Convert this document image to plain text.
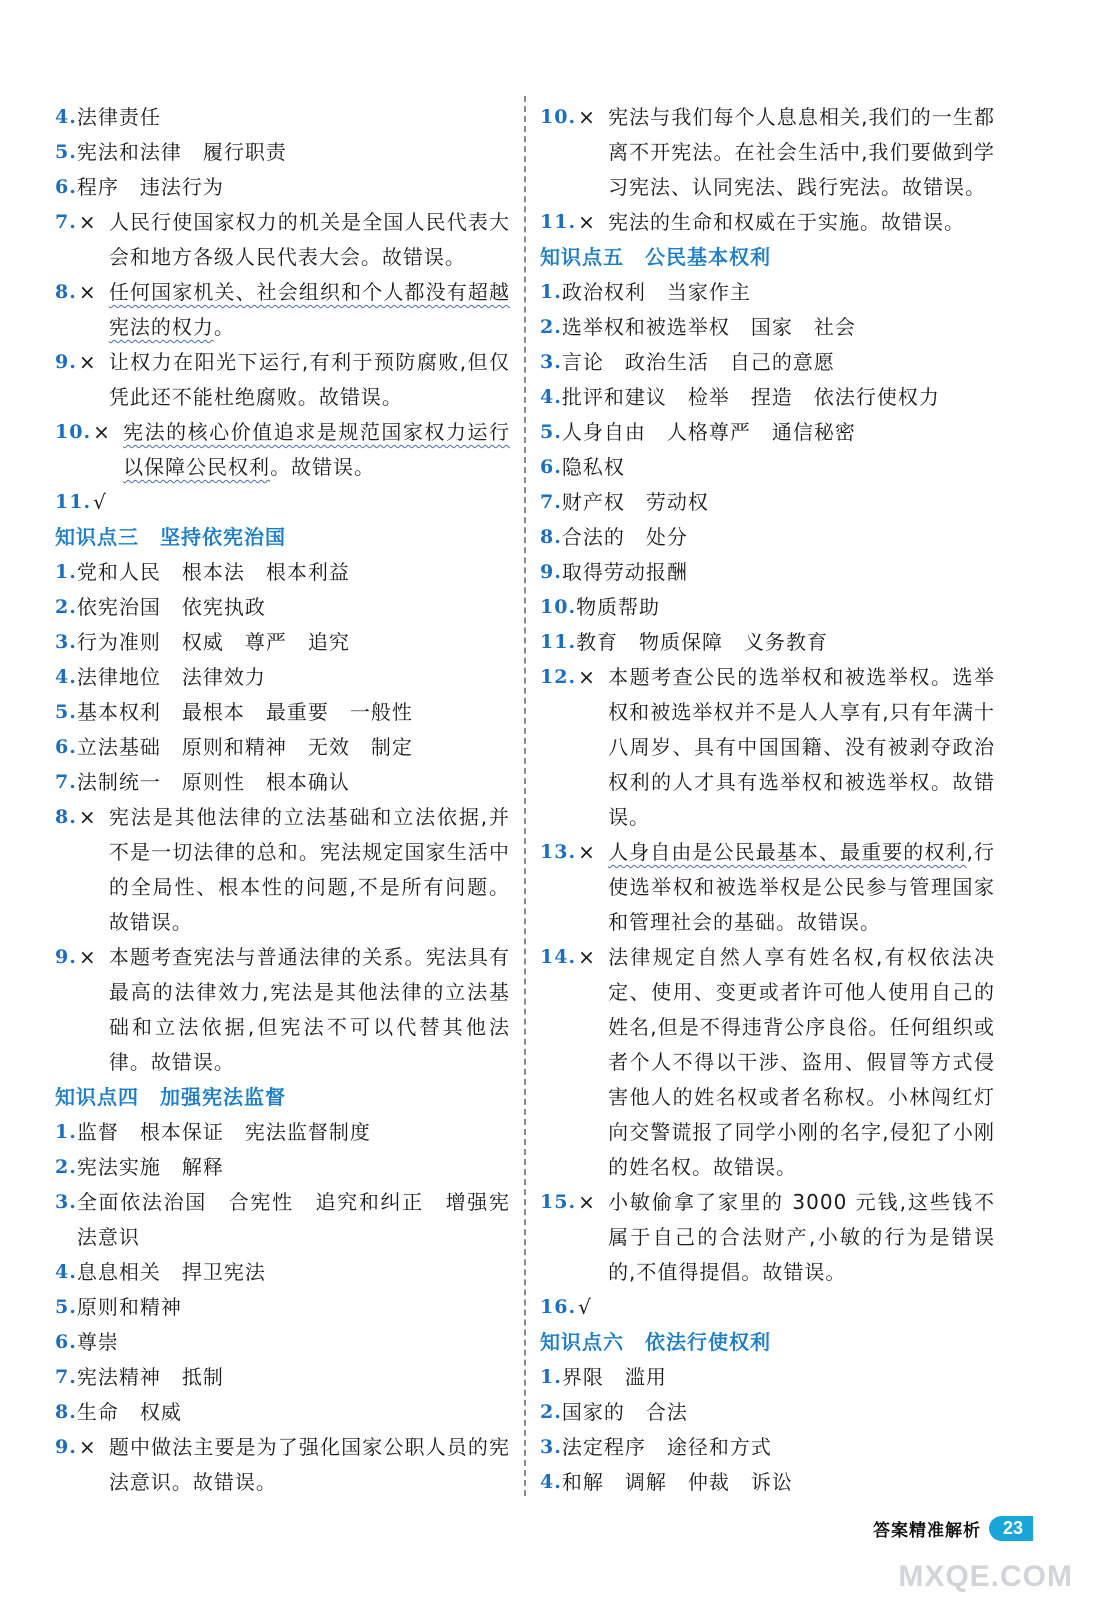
4. 法律责任
5. 宪法和法律　履行职责
6. 程序　违法行为
7. × 人民行使国家权力的机关是全国人民代表大会和地方各级人民代表大会。故错误。
8. × 任何国家机关、社会组织和个人都没有超越宪法的权力。
9. × 让权力在阳光下运行,有利于预防腐败,但仅凭此还不能杜绝腐败。故错误。
10. × 宪法的核心价值追求是规范国家权力运行以保障公民权利。故错误。
11. √
知识点三　坚持依宪治国
1. 党和人民　根本法　根本利益
2. 依宪治国　依宪执政
3. 行为准则　权威　尊严　追究
4. 法律地位　法律效力
5. 基本权利　最根本　最重要　一般性
6. 立法基础　原则和精神　无效　制定
7. 法制统一　原则性　根本确认
8. × 宪法是其他法律的立法基础和立法依据,并不是一切法律的总和。宪法规定国家生活中的全局性、根本性的问题,不是所有问题。故错误。
9. × 本题考查宪法与普通法律的关系。宪法具有最高的法律效力,宪法是其他法律的立法基础和立法依据,但宪法不可以代替其他法律。故错误。
知识点四　加强宪法监督
1. 监督　根本保证　宪法监督制度
2. 宪法实施　解释
3. 全面依法治国　合宪性　追究和纠正　增强宪法意识
4. 息息相关　捍卫宪法
5. 原则和精神
6. 尊崇
7. 宪法精神　抵制
8. 生命　权威
9. × 题中做法主要是为了强化国家公职人员的宪法意识。故错误。
10. × 宪法与我们每个人息息相关,我们的一生都离不开宪法。在社会生活中,我们要做到学习宪法、认同宪法、践行宪法。故错误。
11. × 宪法的生命和权威在于实施。故错误。
知识点五　公民基本权利
1. 政治权利　当家作主
2. 选举权和被选举权　国家　社会
3. 言论　政治生活　自己的意愿
4. 批评和建议　检举　捏造　依法行使权力
5. 人身自由　人格尊严　通信秘密
6. 隐私权
7. 财产权　劳动权
8. 合法的　处分
9. 取得劳动报酬
10. 物质帮助
11. 教育　物质保障　义务教育
12. × 本题考查公民的选举权和被选举权。选举权和被选举权并不是人人享有,只有年满十八周岁、具有中国国籍、没有被剥夺政治权利的人才具有选举权和被选举权。故错误。
13. × 人身自由是公民最基本、最重要的权利,行使选举权和被选举权是公民参与管理国家和管理社会的基础。故错误。
14. × 法律规定自然人享有姓名权,有权依法决定、使用、变更或者许可他人使用自己的姓名,但是不得违背公序良俗。任何组织或者个人不得以干涉、盗用、假冒等方式侵害他人的姓名权或者名称权。小林闯红灯向交警谎报了同学小刚的名字,侵犯了小刚的姓名权。故错误。
15. × 小敏偷拿了家里的 3000 元钱,这些钱不属于自己的合法财产,小敏的行为是错误的,不值得提倡。故错误。
16. √
知识点六　依法行使权利
1. 界限　滥用
2. 国家的　合法
3. 法定程序　途径和方式
4. 和解　调解　仲裁　诉讼
答案精准解析	23
MXQE.COM
